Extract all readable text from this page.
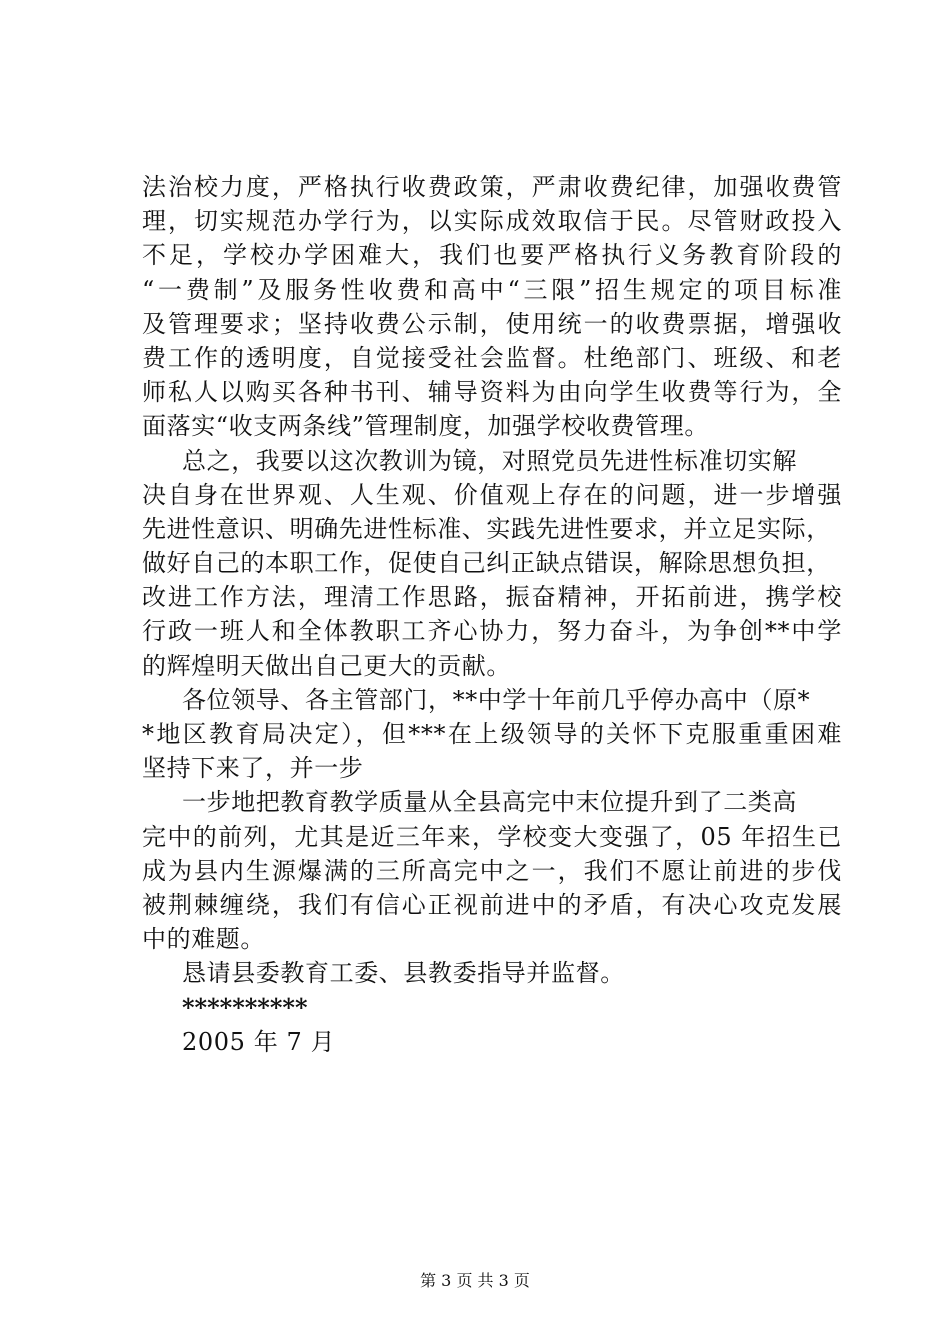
法治校力度，严格执行收费政策，严肃收费纪律，加强收费管
理，切实规范办学行为，以实际成效取信于民。尽管财政投入
不足，学校办学困难大，我们也要严格执行义务教育阶段的
“一费制”及服务性收费和高中“三限”招生规定的项目标准
及管理要求；坚持收费公示制，使用统一的收费票据，增强收
费工作的透明度，自觉接受社会监督。杜绝部门、班级、和老
师私人以购买各种书刊、辅导资料为由向学生收费等行为，全
面落实“收支两条线”管理制度，加强学校收费管理。
总之，我要以这次教训为镜，对照党员先进性标准切实解
决自身在世界观、人生观、价值观上存在的问题，进一步增强
先进性意识、明确先进性标准、实践先进性要求，并立足实际，
做好自己的本职工作，促使自己纠正缺点错误，解除思想负担，
改进工作方法，理清工作思路，振奋精神，开拓前进，携学校
行政一班人和全体教职工齐心协力，努力奋斗，为争创**中学
的辉煌明天做出自己更大的贡献。
各位领导、各主管部门，**中学十年前几乎停办高中（原*
*地区教育局决定），但***在上级领导的关怀下克服重重困难
坚持下来了，并一步
一步地把教育教学质量从全县高完中末位提升到了二类高
完中的前列，尤其是近三年来，学校变大变强了，05 年招生已
成为县内生源爆满的三所高完中之一，我们不愿让前进的步伐
被荆棘缠绕，我们有信心正视前进中的矛盾，有决心攻克发展
中的难题。
恳请县委教育工委、县教委指导并监督。
**********
2005 年 7 月
第 3 页 共 3 页
